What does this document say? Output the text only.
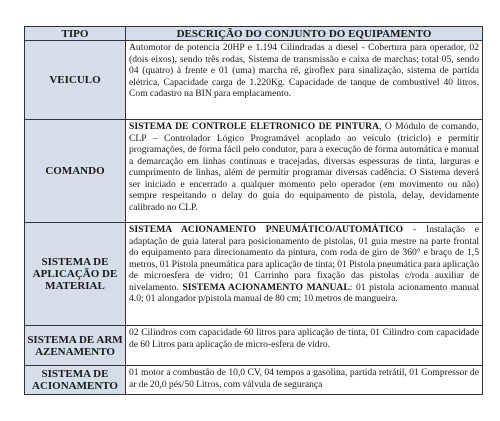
TIPO	DESCRIÇÃO DO CONJUNTO DO EQUIPAMENTO
VEICULO	Automotor de potencia 20HP e 1.194 Cilindradas a diesel - Cobertura para operador, 02 (dois eixos), sendo três rodas, Sistema de transmissão e caixa de marchas: total 05, sendo 04 (quatro) à frente e 01 (uma) marcha ré, giroflex para sinalização, sistema de partida elétrica, Capacidade carga de 1.220Kg. Capacidade de tanque de combustível 40 litros. Com cadastro na BIN para emplacamento.
COMANDO	SISTEMA DE CONTROLE ELETRONICO DE PINTURA, O Módulo de comando, CLP – Controlador Lógico Programável acoplado ao veículo (triciclo) e permitir programações, de forma fácil pelo condutor, para a execução de forma automática e manual a demarcação em linhas contínuas e tracejadas, diversas espessuras de tinta, larguras e cumprimento de linhas, além de permitir programar diversas cadência. O Sistema deverá ser iniciado e encerrado a qualquer momento pelo operador (em movimento ou não) sempre respeitando o delay do guia do equipamento de pistola, delay, devidamente calibrado no CLP.
SISTEMA DE APLICAÇÃO DE MATERIAL	SISTEMA ACIONAMENTO PNEUMÁTICO/AUTOMÁTICO - Instalação e adaptação de guia lateral para posicionamento de pistolas, 01 guia mestre na parte frontal do equipamento para direcionamento da pintura, com roda de giro de 360° e braço de 1,5 metros, 01 Pistola pneumática para aplicação de tinta; 01 Pistola pneumática para aplicação de microesfera de vidro; 01 Carrinho para fixação das pistolas c/roda auxiliar de nivelamento. SISTEMA ACIONAMENTO MANUAL: 01 pistola acionamento manual 4.0; 01 alongador p/pistola manual de 80 cm; 10 metros de mangueira.
SISTEMA DE ARMAZENAMENTO	02 Cilindros com capacidade 60 litros para aplicação de tinta, 01 Cilindro com capacidade de 60 Litros para aplicação de micro-esfera de vidro.
SISTEMA DE ACIONAMENTO	01 motor a combustão de 10,0 CV, 04 tempos a gasolina, partida retrátil, 01 Compressor de ar de 20,0 pés/50 Litros, com válvula de segurança
